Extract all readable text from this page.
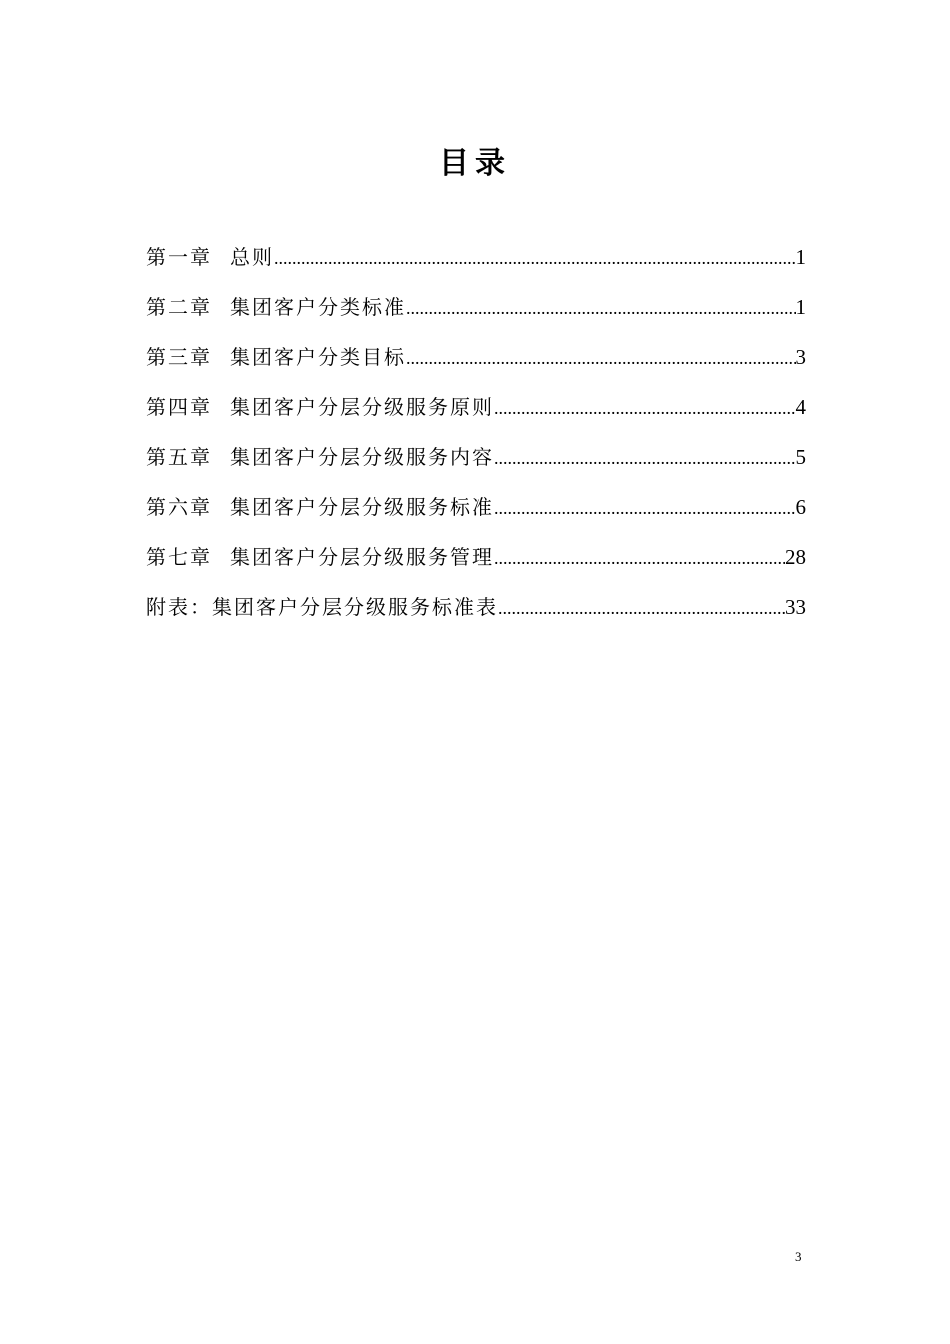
目录
第一章 总则 .....	1
第二章 集团客户分类标准 .....	1
第三章 集团客户分类目标 .....	3
第四章 集团客户分层分级服务原则 .....	4
第五章 集团客户分层分级服务内容 .....	5
第六章 集团客户分层分级服务标准 .....	6
第七章 集团客户分层分级服务管理 .....	28
附表： 集团客户分层分级服务标准表 .....	33
3
